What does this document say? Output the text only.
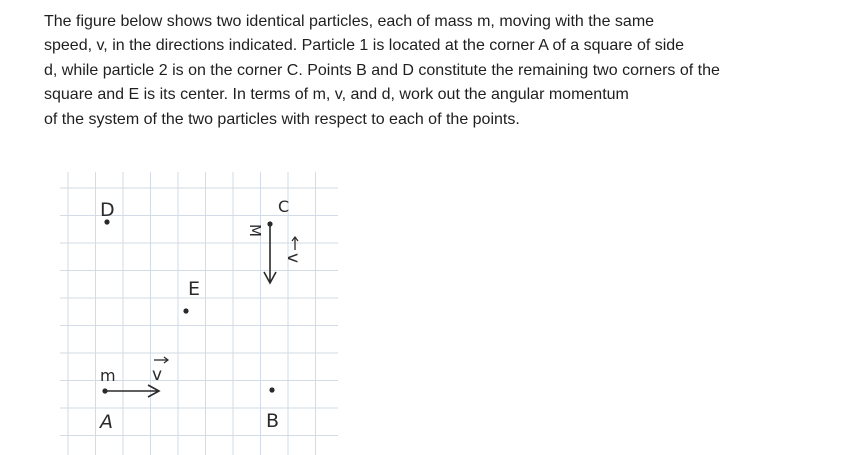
The figure below shows two identical particles, each of mass m, moving with the same
speed, v, in the directions indicated. Particle 1 is located at the corner A of a square of side
d, while particle 2 is on the corner C. Points B and D constitute the remaining two corners of the
square and E is its center. In terms of m, v, and d, work out the angular momentum
of the system of the two particles with respect to each of the points.
D	C
E
A	B
M
v
m v
